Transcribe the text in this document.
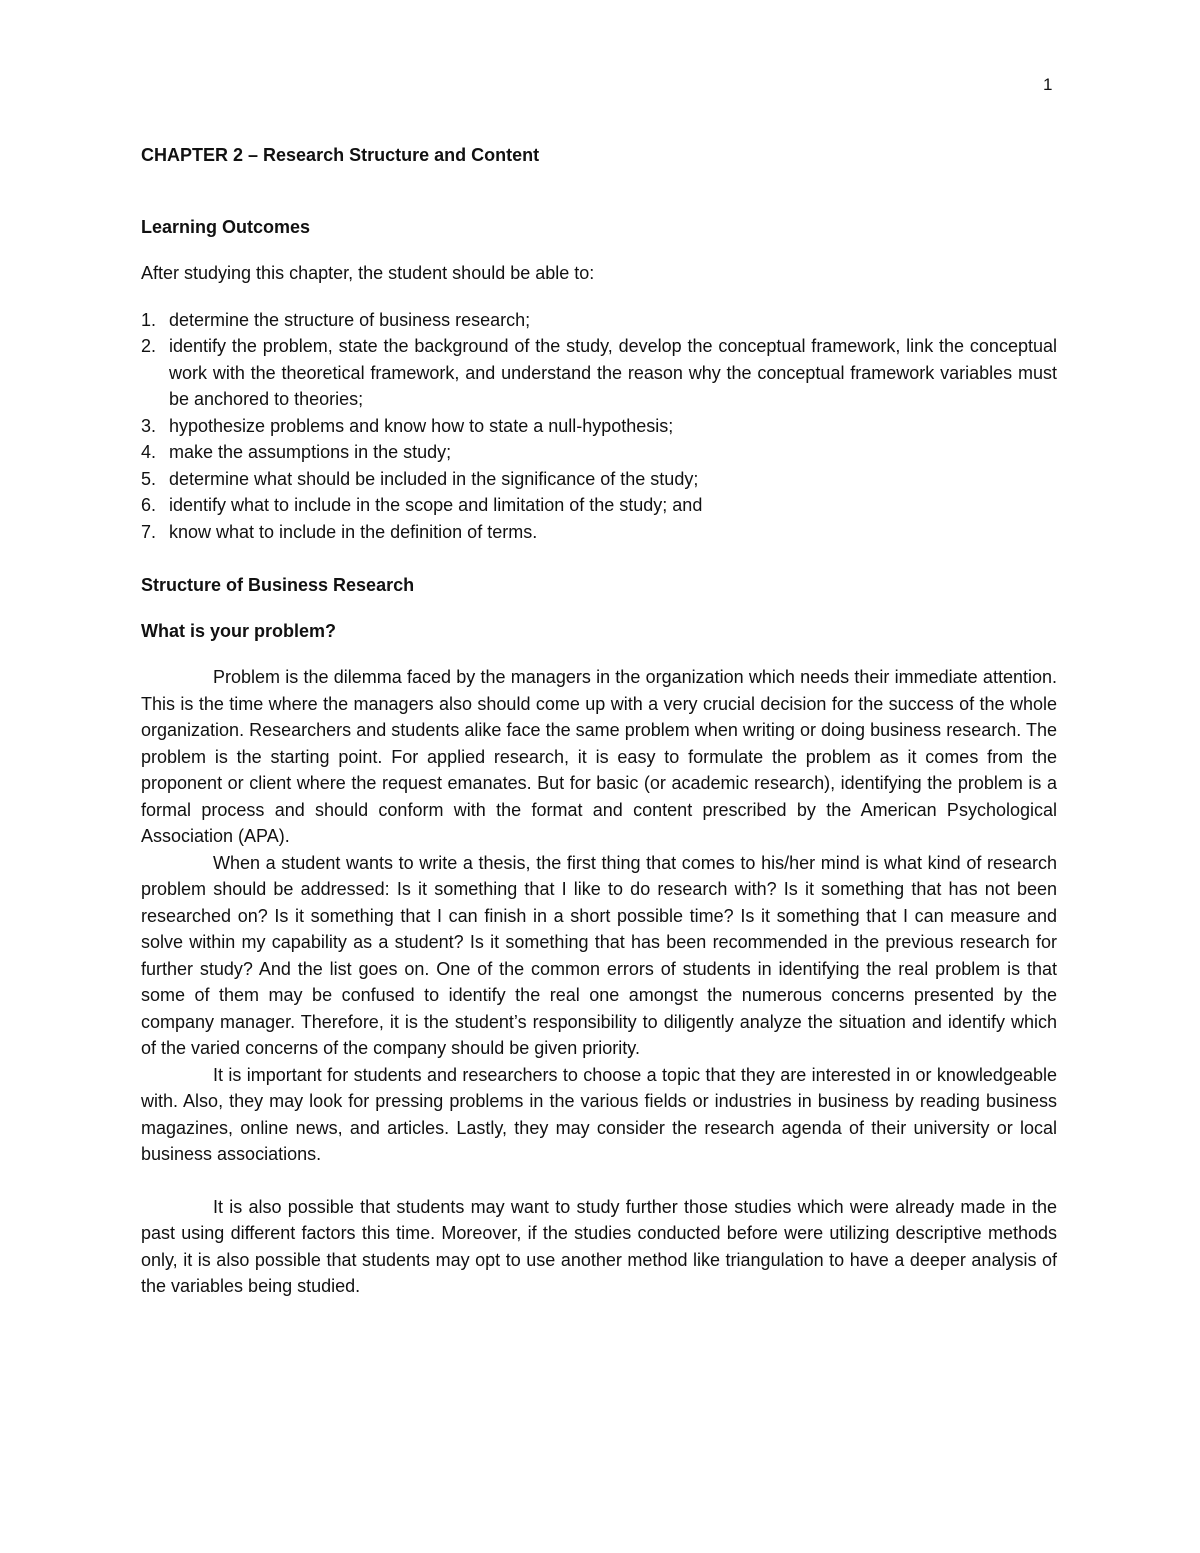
1
CHAPTER 2 – Research Structure and Content
Learning Outcomes
After studying this chapter, the student should be able to:
1. determine the structure of business research;
2. identify the problem, state the background of the study, develop the conceptual framework, link the conceptual work with the theoretical framework, and understand the reason why the conceptual framework variables must be anchored to theories;
3. hypothesize problems and know how to state a null-hypothesis;
4. make the assumptions in the study;
5. determine what should be included in the significance of the study;
6. identify what to include in the scope and limitation of the study; and
7. know what to include in the definition of terms.
Structure of Business Research
What is your problem?

Problem is the dilemma faced by the managers in the organization which needs their immediate attention. This is the time where the managers also should come up with a very crucial decision for the success of the whole organization. Researchers and students alike face the same problem when writing or doing business research. The problem is the starting point. For applied research, it is easy to formulate the problem as it comes from the proponent or client where the request emanates. But for basic (or academic research), identifying the problem is a formal process and should conform with the format and content prescribed by the American Psychological Association (APA).

When a student wants to write a thesis, the first thing that comes to his/her mind is what kind of research problem should be addressed: Is it something that I like to do research with? Is it something that has not been researched on? Is it something that I can finish in a short possible time? Is it something that I can measure and solve within my capability as a student? Is it something that has been recommended in the previous research for further study? And the list goes on. One of the common errors of students in identifying the real problem is that some of them may be confused to identify the real one amongst the numerous concerns presented by the company manager. Therefore, it is the student’s responsibility to diligently analyze the situation and identify which of the varied concerns of the company should be given priority.

It is important for students and researchers to choose a topic that they are interested in or knowledgeable with. Also, they may look for pressing problems in the various fields or industries in business by reading business magazines, online news, and articles. Lastly, they may consider the research agenda of their university or local business associations.

It is also possible that students may want to study further those studies which were already made in the past using different factors this time. Moreover, if the studies conducted before were utilizing descriptive methods only, it is also possible that students may opt to use another method like triangulation to have a deeper analysis of the variables being studied.
